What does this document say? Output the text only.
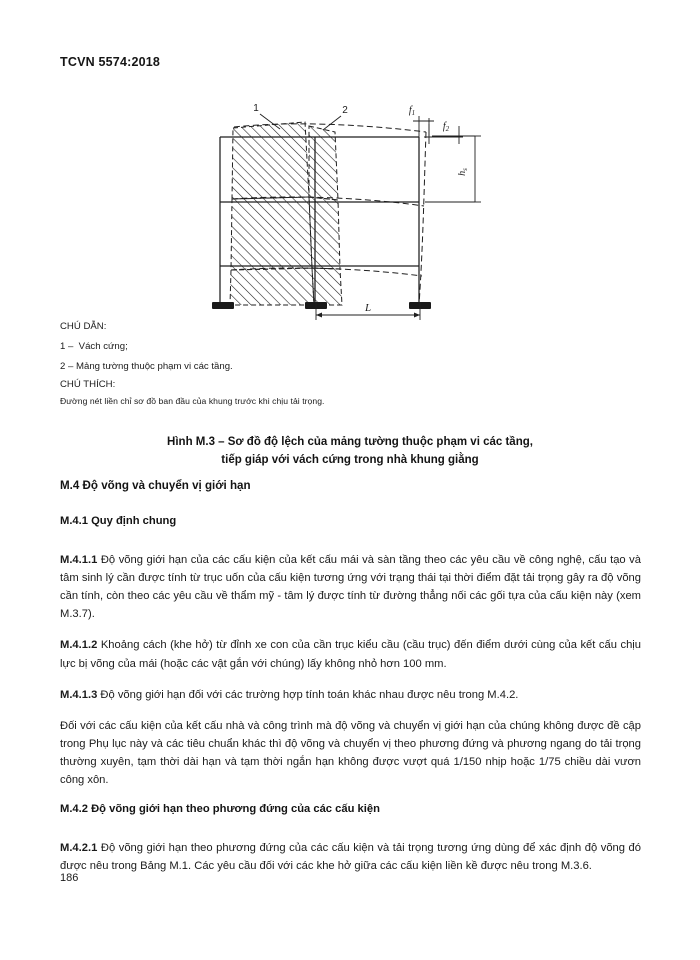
TCVN 5574:2018
1	2	$f_1$
$f_2$
$h_s$
L

CHÚ DẪN:

1 –  Vách cứng;

2 – Mảng tường thuộc phạm vi các tầng.

CHÚ THÍCH:

Đường nét liền chỉ sơ đồ ban đầu của khung trước khi chịu tải trọng.

Hình M.3 – Sơ đồ độ lệch của mảng tường thuộc phạm vi các tầng,
tiếp giáp với vách cứng trong nhà khung giằng
M.4 Độ võng và chuyển vị giới hạn
M.4.1 Quy định chung

M.4.1.1 Độ võng giới hạn của các cấu kiện của kết cấu mái và sàn tầng theo các yêu cầu về công nghệ, cấu tạo và tâm sinh lý cần được tính từ trục uốn của cấu kiện tương ứng với trạng thái tại thời điểm đặt tải trọng gây ra độ võng cần tính, còn theo các yêu cầu về thẩm mỹ - tâm lý được tính từ đường thẳng nối các gối tựa của cấu kiện này (xem M.3.7).

M.4.1.2 Khoảng cách (khe hở) từ đỉnh xe con của cần trục kiểu cầu (cầu trục) đến điểm dưới cùng của kết cấu chịu lực bị võng của mái (hoặc các vật gắn với chúng) lấy không nhỏ hơn 100 mm.

M.4.1.3 Độ võng giới hạn đối với các trường hợp tính toán khác nhau được nêu trong M.4.2.

Đối với các cấu kiện của kết cấu nhà và công trình mà độ võng và chuyển vị giới hạn của chúng không được đề cập trong Phụ lục này và các tiêu chuẩn khác thì độ võng và chuyển vị theo phương đứng và phương ngang do tải trọng thường xuyên, tạm thời dài hạn và tạm thời ngắn hạn không được vượt quá 1/150 nhịp hoặc 1/75 chiều dài vươn công xôn.

M.4.2 Độ võng giới hạn theo phương đứng của các cấu kiện

M.4.2.1 Độ võng giới hạn theo phương đứng của các cấu kiện và tải trọng tương ứng dùng để xác định độ võng đó được nêu trong Bảng M.1. Các yêu cầu đối với các khe hở giữa các cấu kiện liền kề được nêu trong M.3.6.

186
